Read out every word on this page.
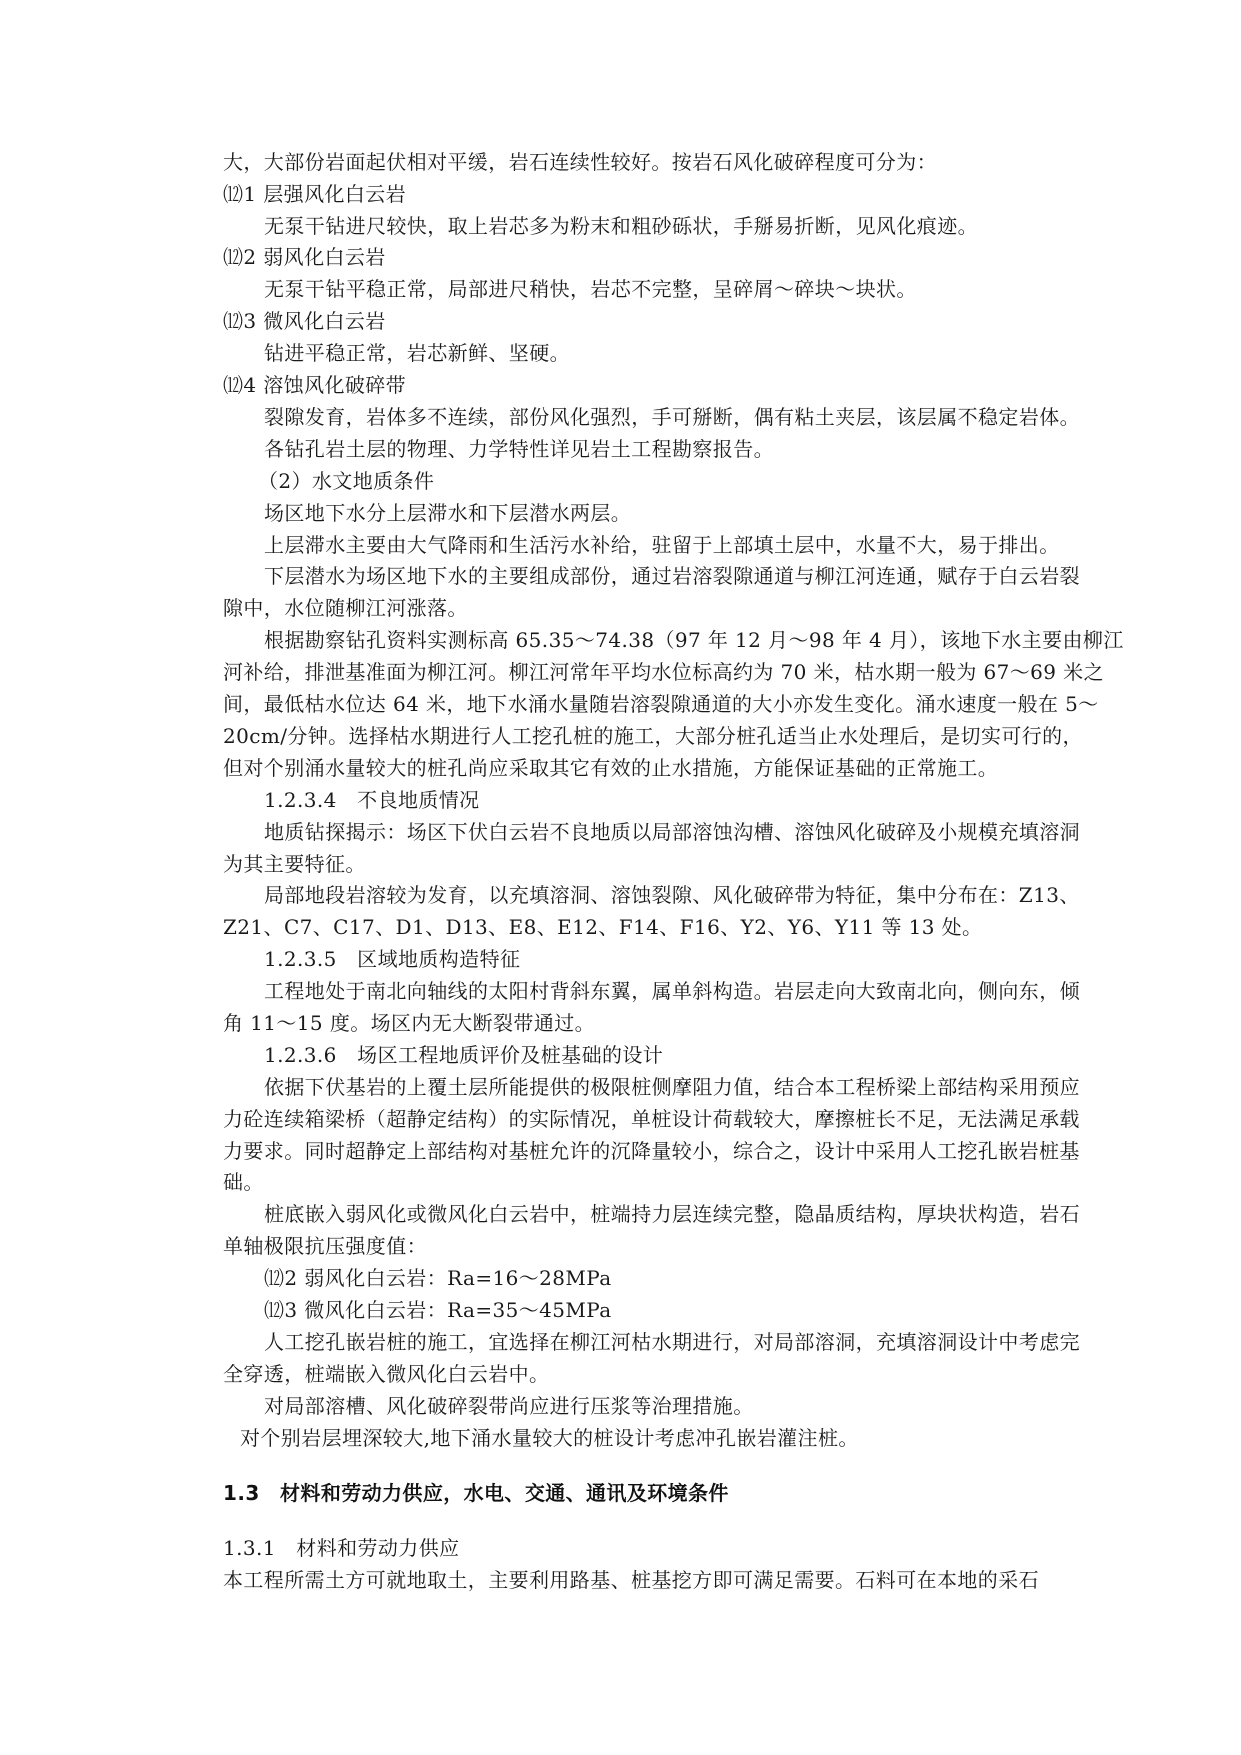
大，大部份岩面起伏相对平缓，岩石连续性较好。按岩石风化破碎程度可分为：
⑿1 层强风化白云岩
无泵干钻进尺较快，取上岩芯多为粉末和粗砂砾状，手掰易折断，见风化痕迹。
⑿2 弱风化白云岩
无泵干钻平稳正常，局部进尺稍快，岩芯不完整，呈碎屑～碎块～块状。
⑿3 微风化白云岩
钻进平稳正常，岩芯新鲜、坚硬。
⑿4 溶蚀风化破碎带
裂隙发育，岩体多不连续，部份风化强烈，手可掰断，偶有粘土夹层，该层属不稳定岩体。
各钻孔岩土层的物理、力学特性详见岩土工程勘察报告。
（2）水文地质条件
场区地下水分上层滞水和下层潜水两层。
上层滞水主要由大气降雨和生活污水补给，驻留于上部填土层中，水量不大，易于排出。
下层潜水为场区地下水的主要组成部份，通过岩溶裂隙通道与柳江河连通，赋存于白云岩裂
隙中，水位随柳江河涨落。
根据勘察钻孔资料实测标高 65.35～74.38（97 年 12 月～98 年 4 月），该地下水主要由柳江
河补给，排泄基准面为柳江河。柳江河常年平均水位标高约为 70 米，枯水期一般为 67～69 米之
间，最低枯水位达 64 米，地下水涌水量随岩溶裂隙通道的大小亦发生变化。涌水速度一般在 5～
20cm/分钟。选择枯水期进行人工挖孔桩的施工，大部分桩孔适当止水处理后，是切实可行的，
但对个别涌水量较大的桩孔尚应采取其它有效的止水措施，方能保证基础的正常施工。
1.2.3.4　不良地质情况
地质钻探揭示：场区下伏白云岩不良地质以局部溶蚀沟槽、溶蚀风化破碎及小规模充填溶洞
为其主要特征。
局部地段岩溶较为发育，以充填溶洞、溶蚀裂隙、风化破碎带为特征，集中分布在：Z13、
Z21、C7、C17、D1、D13、E8、E12、F14、F16、Y2、Y6、Y11 等 13 处。
1.2.3.5　区域地质构造特征
工程地处于南北向轴线的太阳村背斜东翼，属单斜构造。岩层走向大致南北向，侧向东，倾
角 11～15 度。场区内无大断裂带通过。
1.2.3.6　场区工程地质评价及桩基础的设计
依据下伏基岩的上覆土层所能提供的极限桩侧摩阻力值，结合本工程桥梁上部结构采用预应
力砼连续箱梁桥（超静定结构）的实际情况，单桩设计荷载较大，摩擦桩长不足，无法满足承载
力要求。同时超静定上部结构对基桩允许的沉降量较小，综合之，设计中采用人工挖孔嵌岩桩基
础。
桩底嵌入弱风化或微风化白云岩中，桩端持力层连续完整，隐晶质结构，厚块状构造，岩石
单轴极限抗压强度值：
⑿2 弱风化白云岩：Ra=16～28MPa
⑿3 微风化白云岩：Ra=35～45MPa
人工挖孔嵌岩桩的施工，宜选择在柳江河枯水期进行，对局部溶洞，充填溶洞设计中考虑完
全穿透，桩端嵌入微风化白云岩中。
对局部溶槽、风化破碎裂带尚应进行压浆等治理措施。
对个别岩层埋深较大,地下涌水量较大的桩设计考虑冲孔嵌岩灌注桩。
1.3　材料和劳动力供应，水电、交通、通讯及环境条件
1.3.1　材料和劳动力供应
本工程所需土方可就地取土，主要利用路基、桩基挖方即可满足需要。石料可在本地的采石
